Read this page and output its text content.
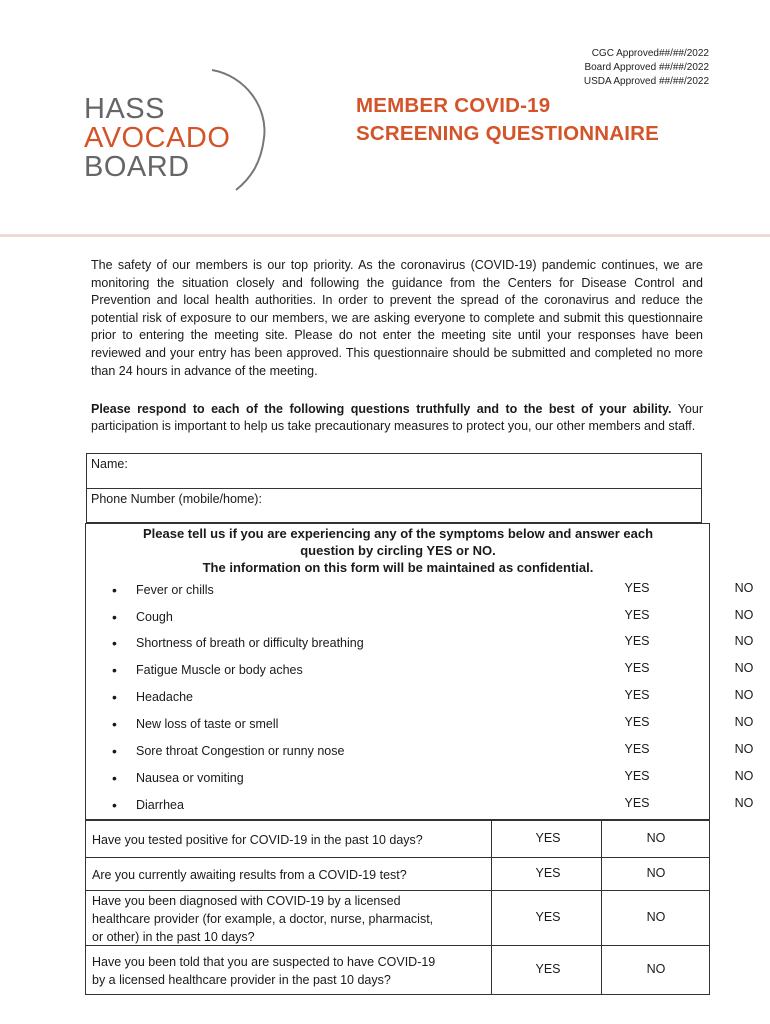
CGC Approved##/##/2022
Board Approved ##/##/2022
USDA Approved ##/##/2022
HASS
AVOCADO
BOARD
MEMBER COVID-19
SCREENING QUESTIONNAIRE
The safety of our members is our top priority. As the coronavirus (COVID-19) pandemic continues, we are monitoring the situation closely and following the guidance from the Centers for Disease Control and Prevention and local health authorities. In order to prevent the spread of the coronavirus and reduce the potential risk of exposure to our members, we are asking everyone to complete and submit this questionnaire prior to entering the meeting site. Please do not enter the meeting site until your responses have been reviewed and your entry has been approved. This questionnaire should be submitted and completed no more than 24 hours in advance of the meeting.
Please respond to each of the following questions truthfully and to the best of your ability. Your participation is important to help us take precautionary measures to protect you, our other members and staff.
Name:
Phone Number (mobile/home):
Please tell us if you are experiencing any of the symptoms below and answer each
question by circling YES or NO.
The information on this form will be maintained as confidential.
• Fever or chills	YES	NO
• Cough	YES	NO
• Shortness of breath or difficulty breathing	YES	NO
• Fatigue Muscle or body aches	YES	NO
• Headache	YES	NO
• New loss of taste or smell	YES	NO
• Sore throat Congestion or runny nose	YES	NO
• Nausea or vomiting	YES	NO
• Diarrhea	YES	NO
Have you tested positive for COVID-19 in the past 10 days?	YES	NO
Are you currently awaiting results from a COVID-19 test?	YES	NO
Have you been diagnosed with COVID-19 by a licensed
healthcare provider (for example, a doctor, nurse, pharmacist,
or other) in the past 10 days?
YES	NO
Have you been told that you are suspected to have COVID-19
by a licensed healthcare provider in the past 10 days?
YES	NO
